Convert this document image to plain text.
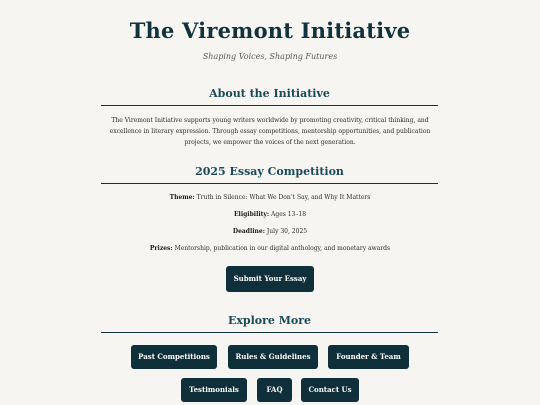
The Viremont Initiative
Shaping Voices, Shaping Futures
About the Initiative
The Viremont Initiative supports young writers worldwide by promoting creativity, critical thinking, and excellence in literary expression. Through essay competitions, mentorship opportunities, and publication projects, we empower the voices of the next generation.
2025 Essay Competition
Theme: Truth in Silence: What We Don’t Say, and Why It Matters
Eligibility: Ages 13–18
Deadline: July 30, 2025
Prizes: Mentorship, publication in our digital anthology, and monetary awards
Submit Your Essay
Explore More
Past Competitions	Rules & Guidelines	Founder & Team
Testimonials	FAQ	Contact Us
